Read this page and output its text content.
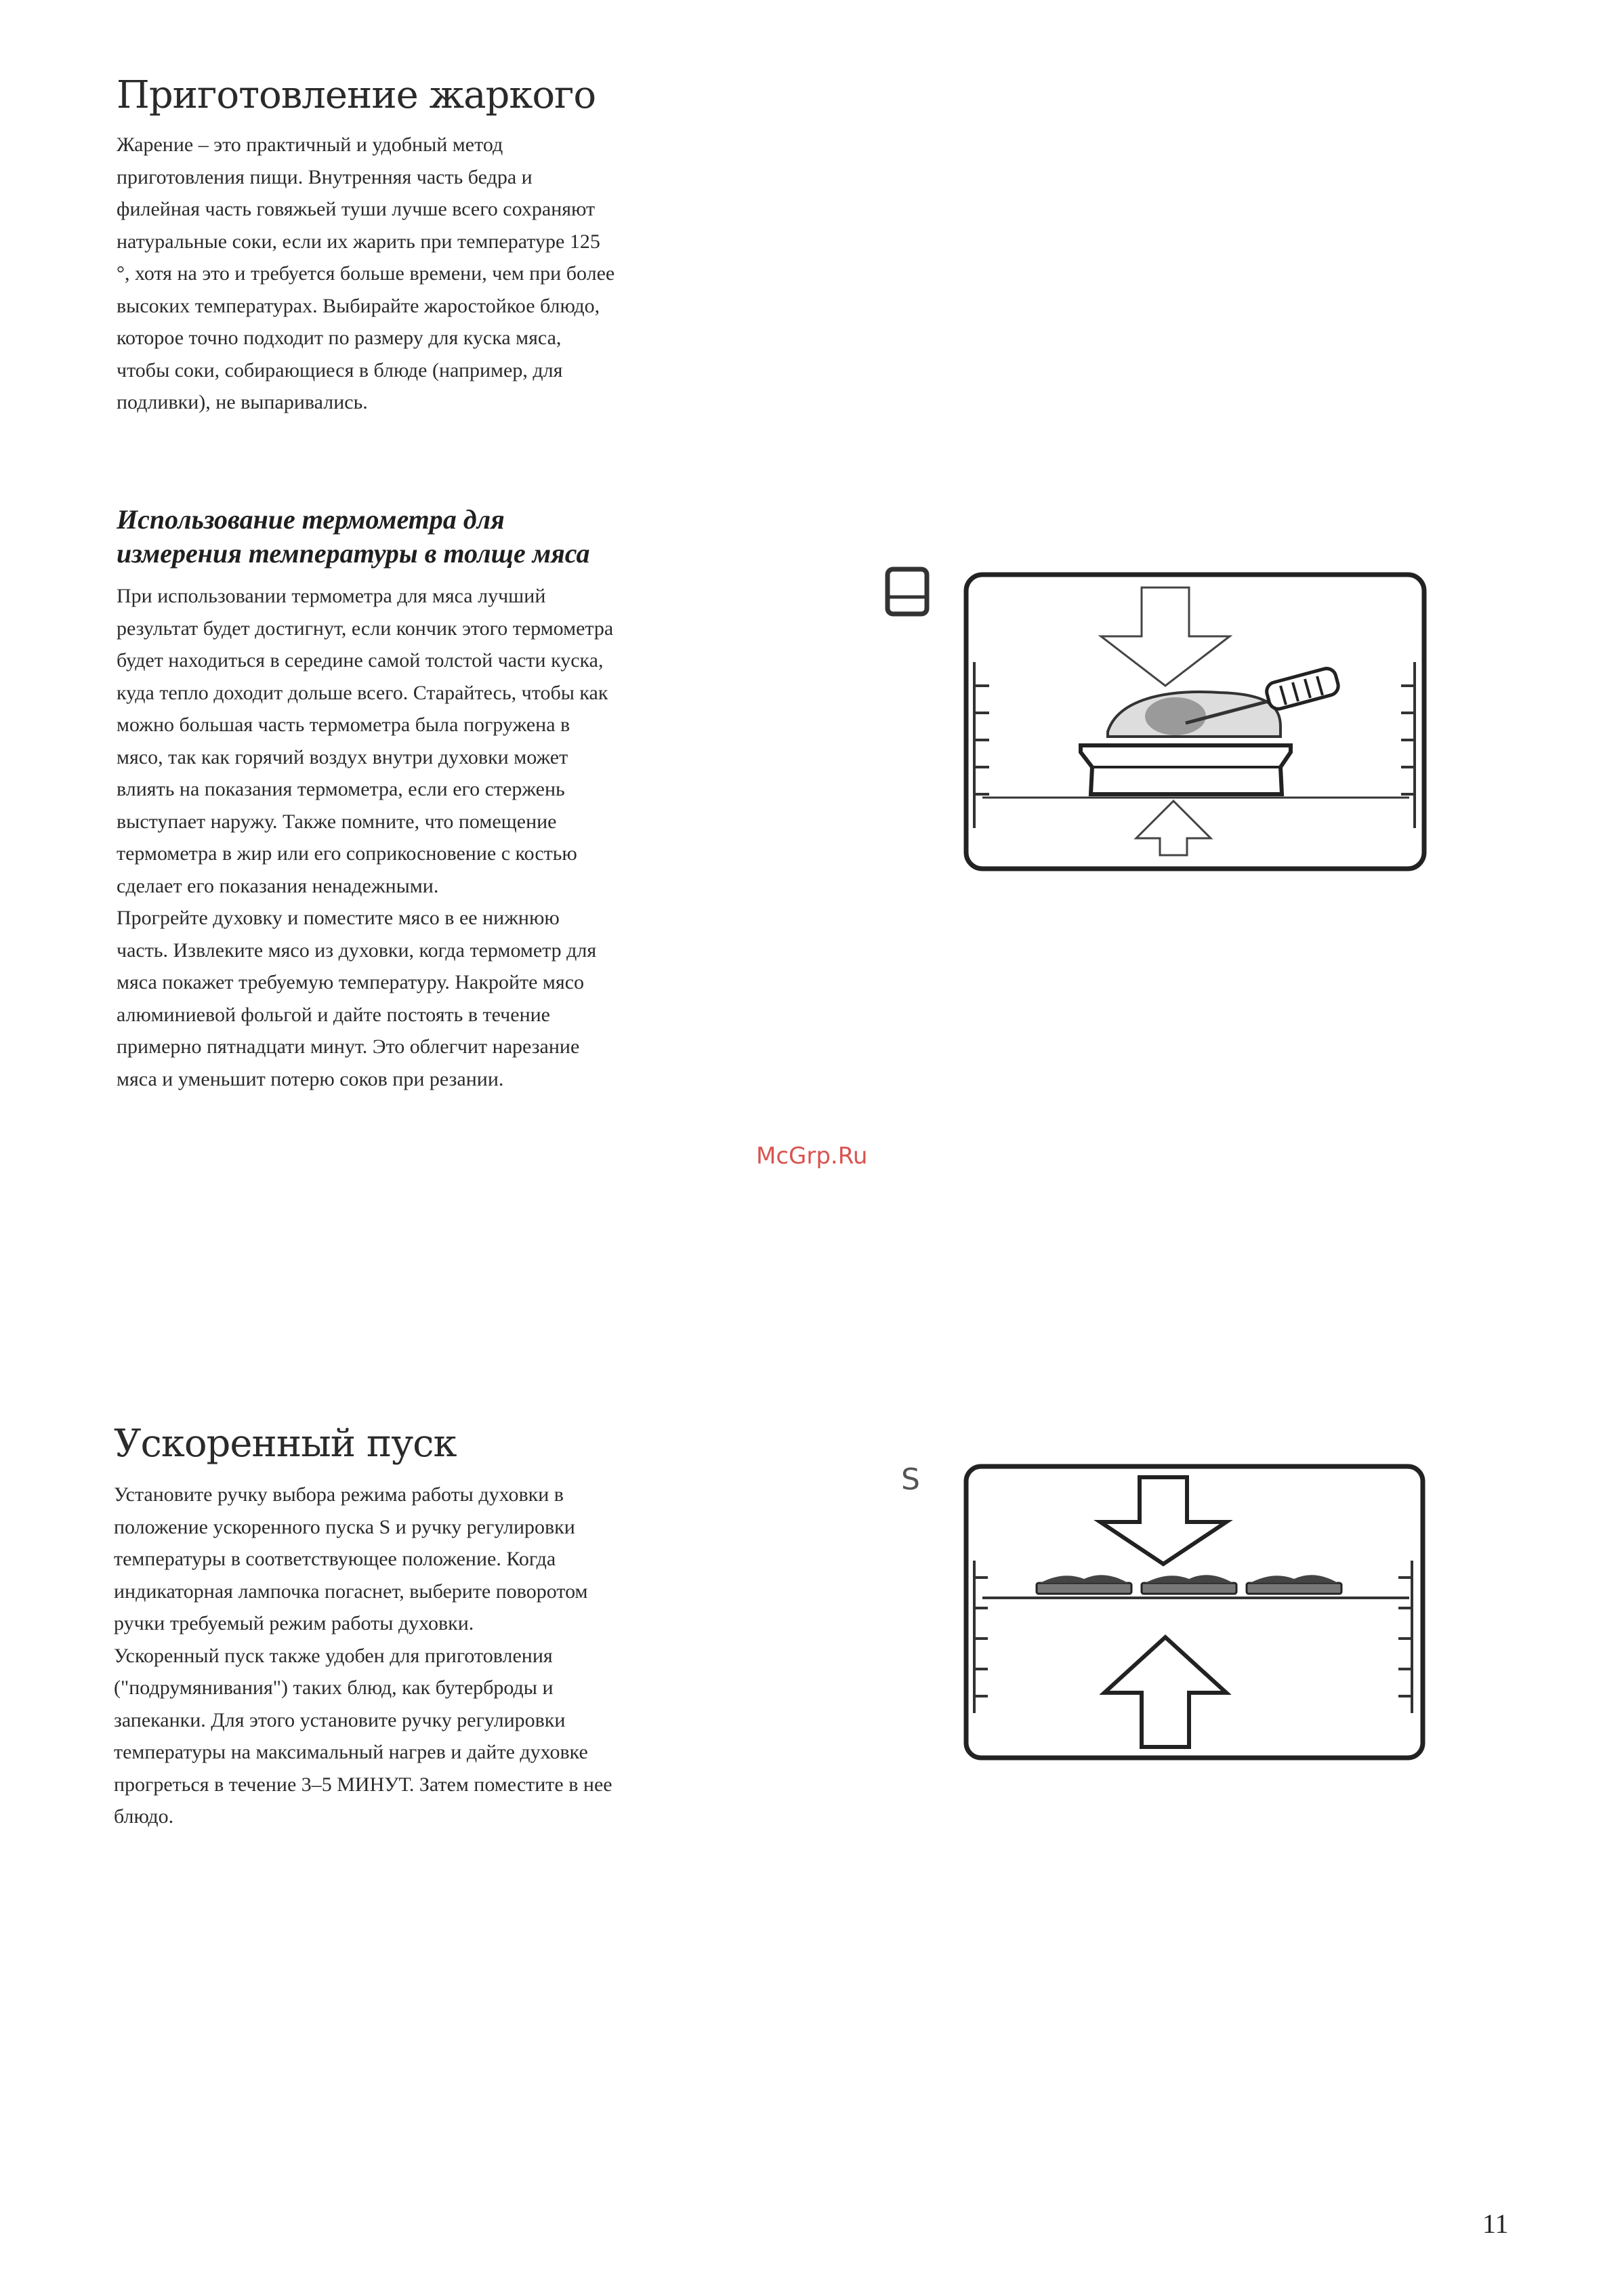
Приготовление жаркого
Жарение – это практичный и удобный метод
приготовления пищи. Внутренняя часть бедра и
филейная часть говяжьей туши лучше всего сохраняют
натуральные соки, если их жарить при температуре 125
°, хотя на это и требуется больше времени, чем при более
высоких температурах. Выбирайте жаростойкое блюдо,
которое точно подходит по размеру для куска мяса,
чтобы соки, собирающиеся в блюде (например, для
подливки), не выпаривались.
Использование термометра для
измерения температуры в толще мяса
При использовании термометра для мяса лучший
результат будет достигнут, если кончик этого термометра
будет находиться в середине самой толстой части куска,
куда тепло доходит дольше всего. Старайтесь, чтобы как
можно большая часть термометра была погружена в
мясо, так как горячий воздух внутри духовки может
влиять на показания термометра, если его стержень
выступает наружу. Также помните, что помещение
термометра в жир или его соприкосновение с костью
сделает его показания ненадежными.
Прогрейте духовку и поместите мясо в ее нижнюю
часть. Извлеките мясо из духовки, когда термометр для
мяса покажет требуемую температуру. Накройте мясо
алюминиевой фольгой и дайте постоять в течение
примерно пятнадцати минут. Это облегчит нарезание
мяса и уменьшит потерю соков при резании.
McGrp.Ru
Ускоренный пуск
Установите ручку выбора режима работы духовки в
положение ускоренного пуска S и ручку регулировки
температуры в соответствующее положение. Когда
индикаторная лампочка погаснет, выберите поворотом
ручки требуемый режим работы духовки.
Ускоренный пуск также удобен для приготовления
("подрумянивания") таких блюд, как бутерброды и
запеканки. Для этого установите ручку регулировки
температуры на максимальный нагрев и дайте духовке
прогреться в течение 3–5 МИНУТ. Затем поместите в нее
блюдо.
S
11
